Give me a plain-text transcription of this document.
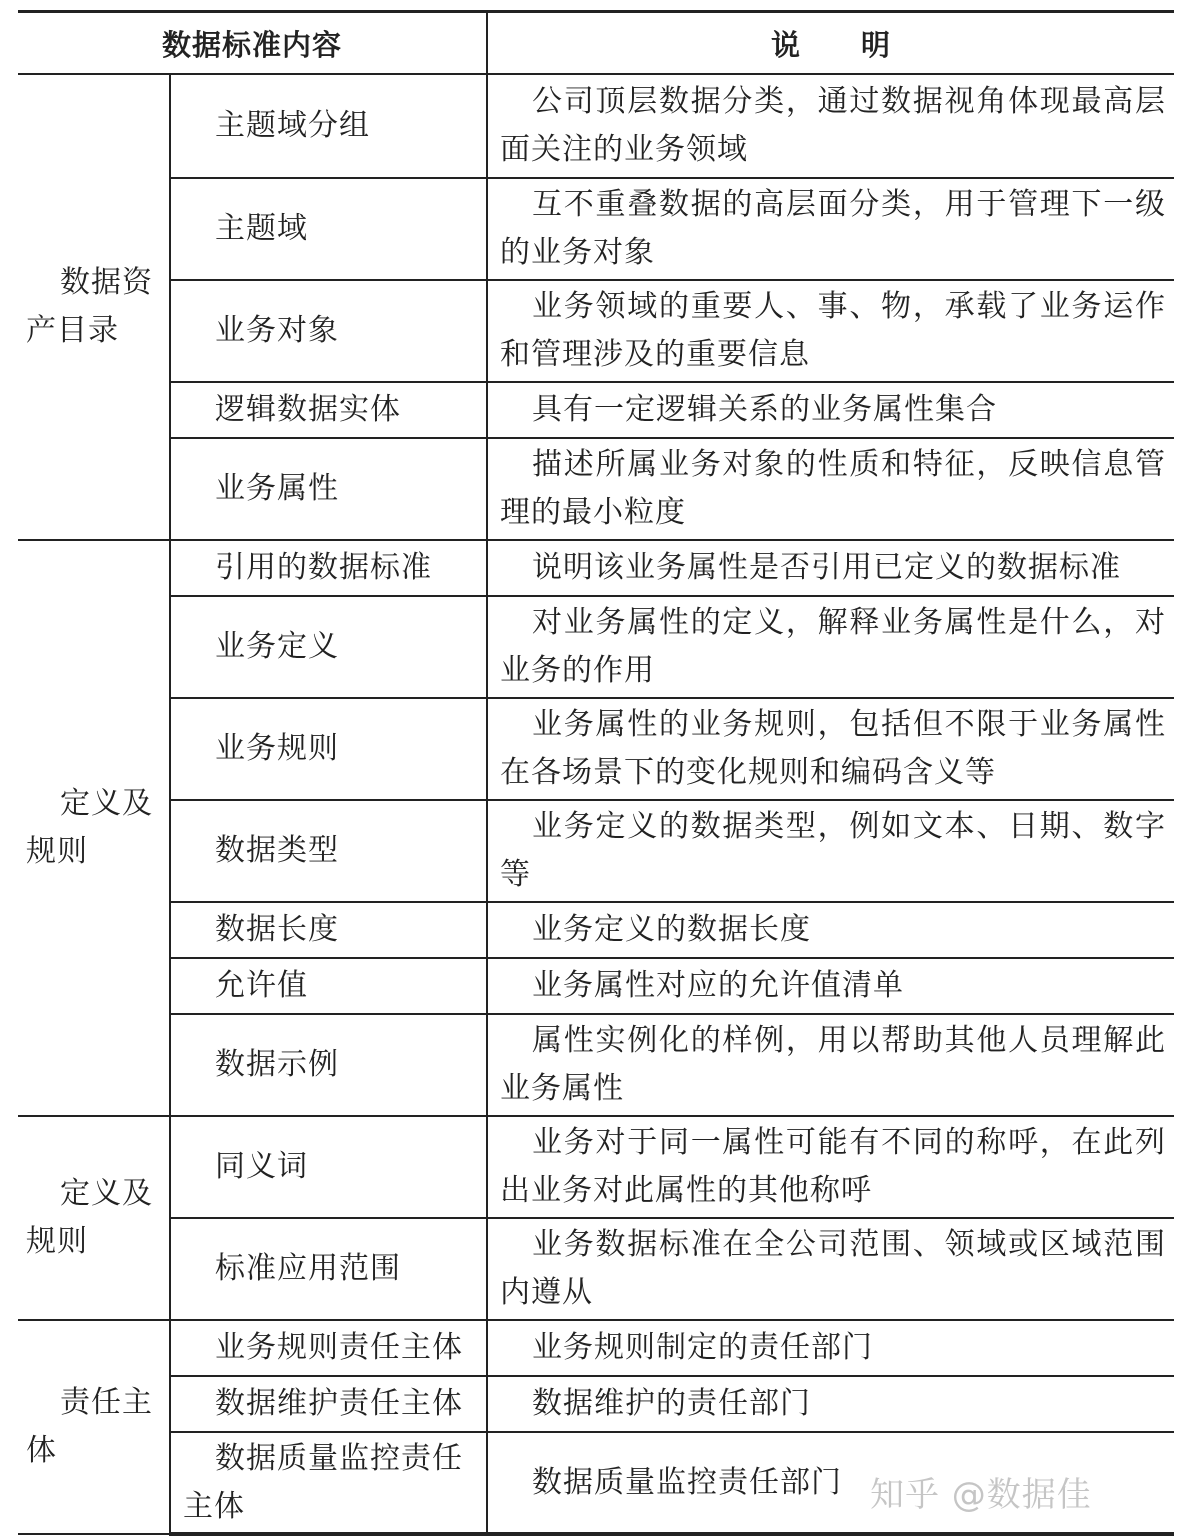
数据标准内容		说　　明

数据资产目录	主题域分组	公司顶层数据分类，通过数据视角体现最高层面关注的业务领域
	主题域	互不重叠数据的高层面分类，用于管理下一级的业务对象
	业务对象	业务领域的重要人、事、物，承载了业务运作和管理涉及的重要信息
	逻辑数据实体	具有一定逻辑关系的业务属性集合
	业务属性	描述所属业务对象的性质和特征，反映信息管理的最小粒度

定义及规则	引用的数据标准	说明该业务属性是否引用已定义的数据标准
	业务定义	对业务属性的定义，解释业务属性是什么，对业务的作用
	业务规则	业务属性的业务规则，包括但不限于业务属性在各场景下的变化规则和编码含义等
	数据类型	业务定义的数据类型，例如文本、日期、数字等
	数据长度	业务定义的数据长度
	允许值	业务属性对应的允许值清单
	数据示例	属性实例化的样例，用以帮助其他人员理解此业务属性

定义及规则	同义词	业务对于同一属性可能有不同的称呼，在此列出业务对此属性的其他称呼
	标准应用范围	业务数据标准在全公司范围、领域或区域范围内遵从

责任主体	业务规则责任主体	业务规则制定的责任部门
	数据维护责任主体	数据维护的责任部门
	数据质量监控责任主体	数据质量监控责任部门 知乎 @数据佳
